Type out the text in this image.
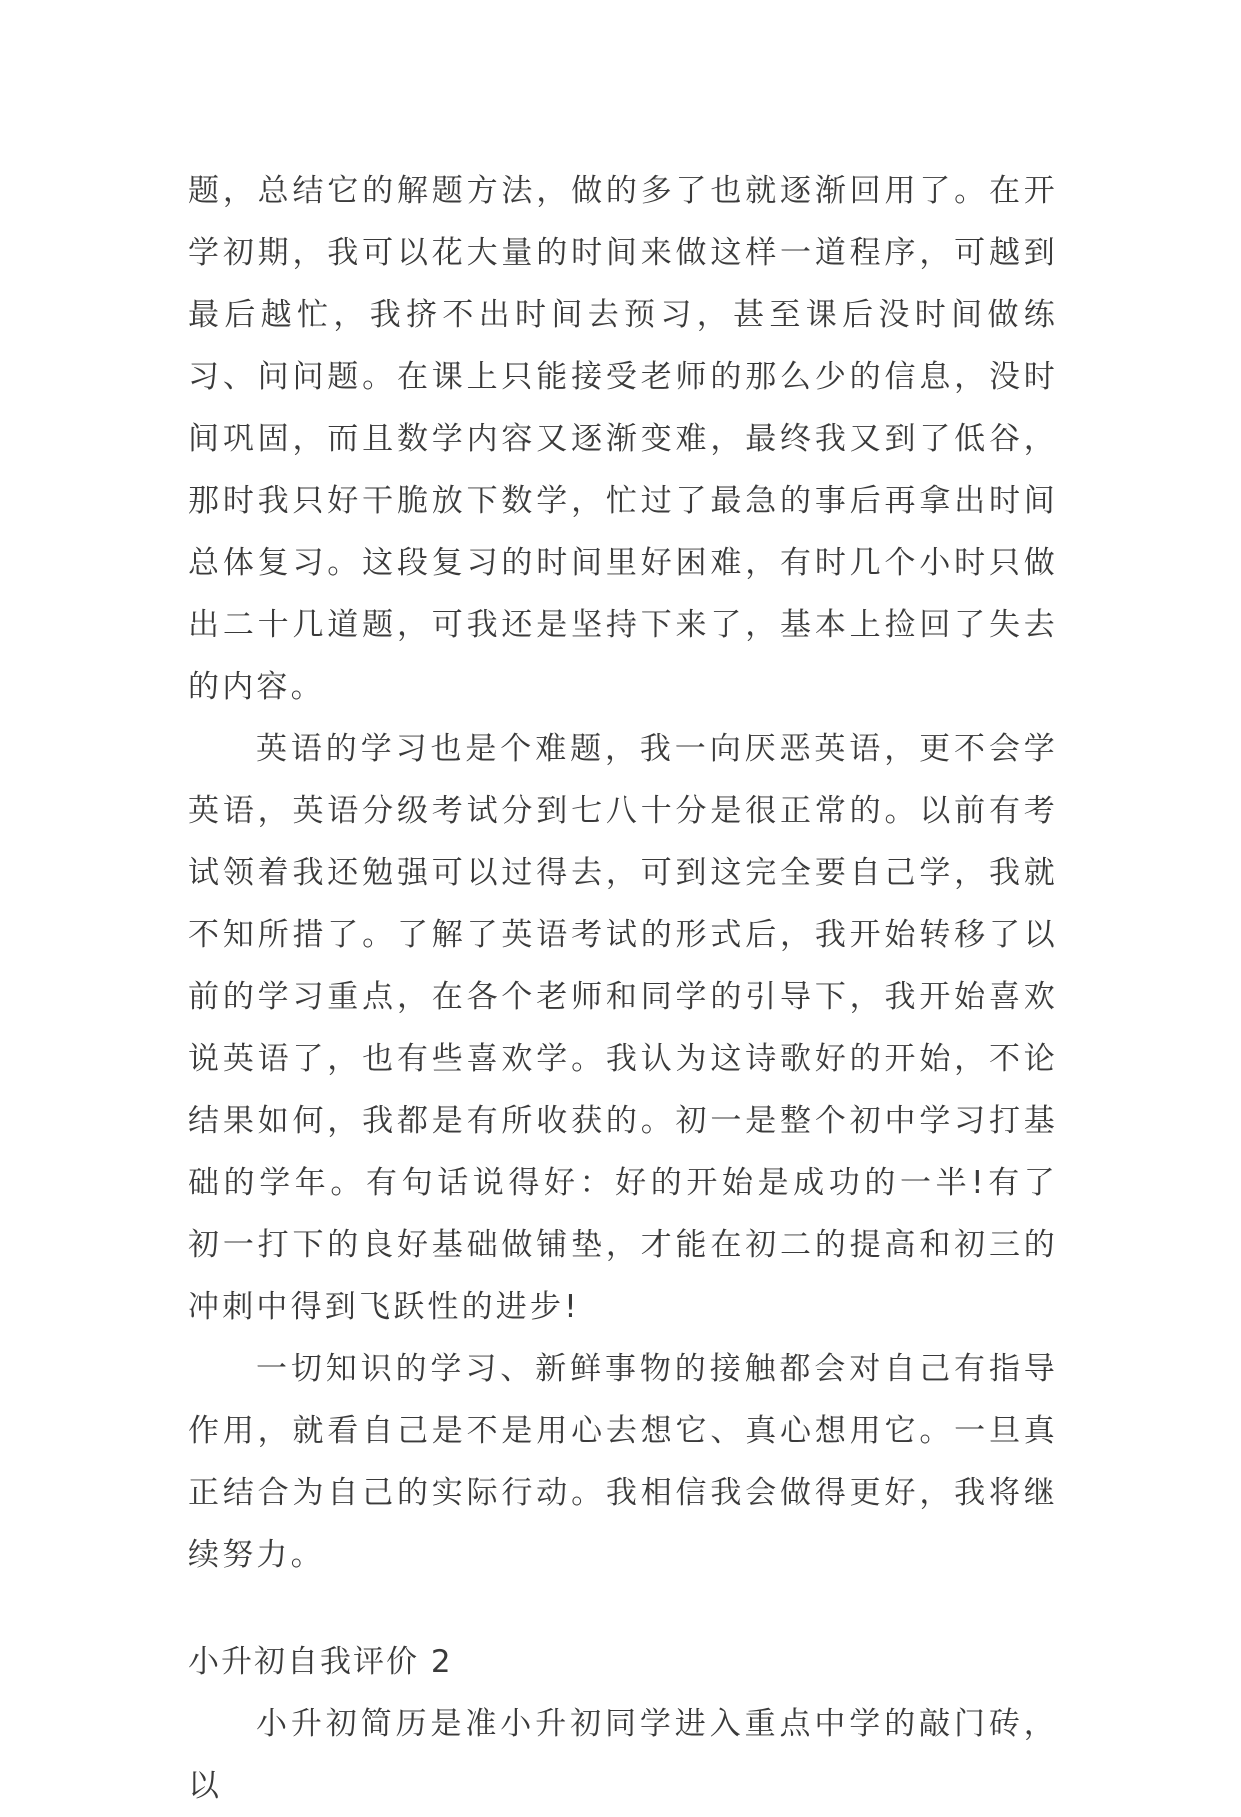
题，总结它的解题方法，做的多了也就逐渐回用了。在开学初期，我可以花大量的时间来做这样一道程序，可越到最后越忙，我挤不出时间去预习，甚至课后没时间做练习、问问题。在课上只能接受老师的那么少的信息，没时间巩固，而且数学内容又逐渐变难，最终我又到了低谷，那时我只好干脆放下数学，忙过了最急的事后再拿出时间总体复习。这段复习的时间里好困难，有时几个小时只做出二十几道题，可我还是坚持下来了，基本上捡回了失去的内容。

英语的学习也是个难题，我一向厌恶英语，更不会学英语，英语分级考试分到七八十分是很正常的。以前有考试领着我还勉强可以过得去，可到这完全要自己学，我就不知所措了。了解了英语考试的形式后，我开始转移了以前的学习重点，在各个老师和同学的引导下，我开始喜欢说英语了，也有些喜欢学。我认为这诗歌好的开始，不论结果如何，我都是有所收获的。初一是整个初中学习打基础的学年。有句话说得好：好的开始是成功的一半!有了初一打下的良好基础做铺垫，才能在初二的提高和初三的冲刺中得到飞跃性的进步!

一切知识的学习、新鲜事物的接触都会对自己有指导作用，就看自己是不是用心去想它、真心想用它。一旦真正结合为自己的实际行动。我相信我会做得更好，我将继续努力。

小升初自我评价 2

小升初简历是准小升初同学进入重点中学的敲门砖，以
